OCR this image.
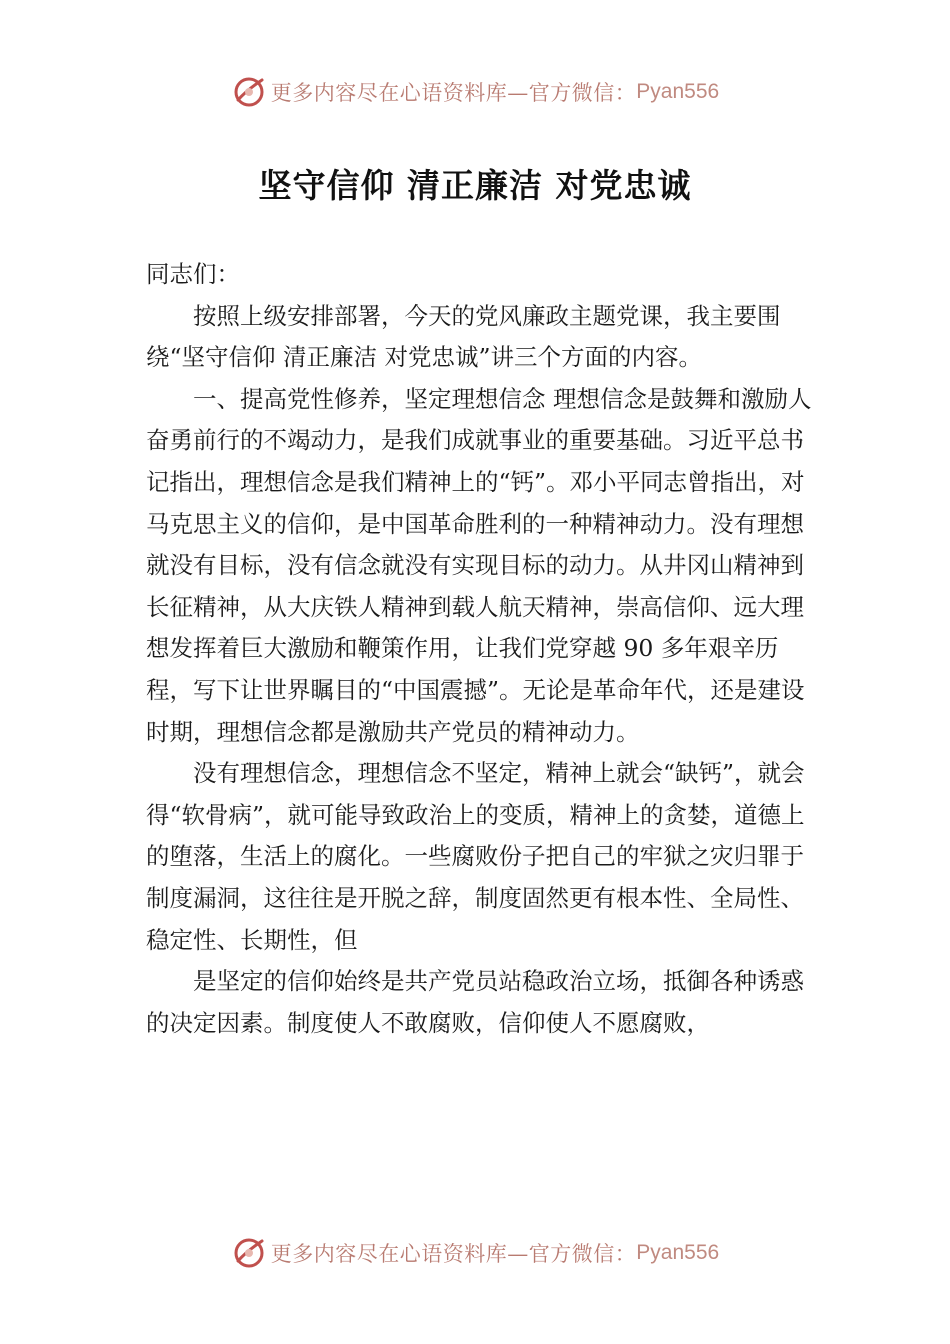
更多内容尽在心语资料库—官方微信： Pyan556
坚守信仰 清正廉洁 对党忠诚

同志们：

按照上级安排部署，今天的党风廉政主题党课，我主要围绕“坚守信仰 清正廉洁 对党忠诚”讲三个方面的内容。

一、提高党性修养，坚定理想信念 理想信念是鼓舞和激励人奋勇前行的不竭动力，是我们成就事业的重要基础。习近平总书记指出，理想信念是我们精神上的“钙”。邓小平同志曾指出，对马克思主义的信仰，是中国革命胜利的一种精神动力。没有理想就没有目标，没有信念就没有实现目标的动力。从井冈山精神到长征精神，从大庆铁人精神到载人航天精神，崇高信仰、远大理想发挥着巨大激励和鞭策作用，让我们党穿越 90 多年艰辛历程，写下让世界瞩目的“中国震撼”。无论是革命年代，还是建设时期，理想信念都是激励共产党员的精神动力。

没有理想信念，理想信念不坚定，精神上就会“缺钙”，就会得“软骨病”，就可能导致政治上的变质，精神上的贪婪，道德上的堕落，生活上的腐化。一些腐败份子把自己的牢狱之灾归罪于制度漏洞，这往往是开脱之辞，制度固然更有根本性、全局性、稳定性、长期性，但

是坚定的信仰始终是共产党员站稳政治立场，抵御各种诱惑的决定因素。制度使人不敢腐败，信仰使人不愿腐败，

更多内容尽在心语资料库—官方微信： Pyan556
